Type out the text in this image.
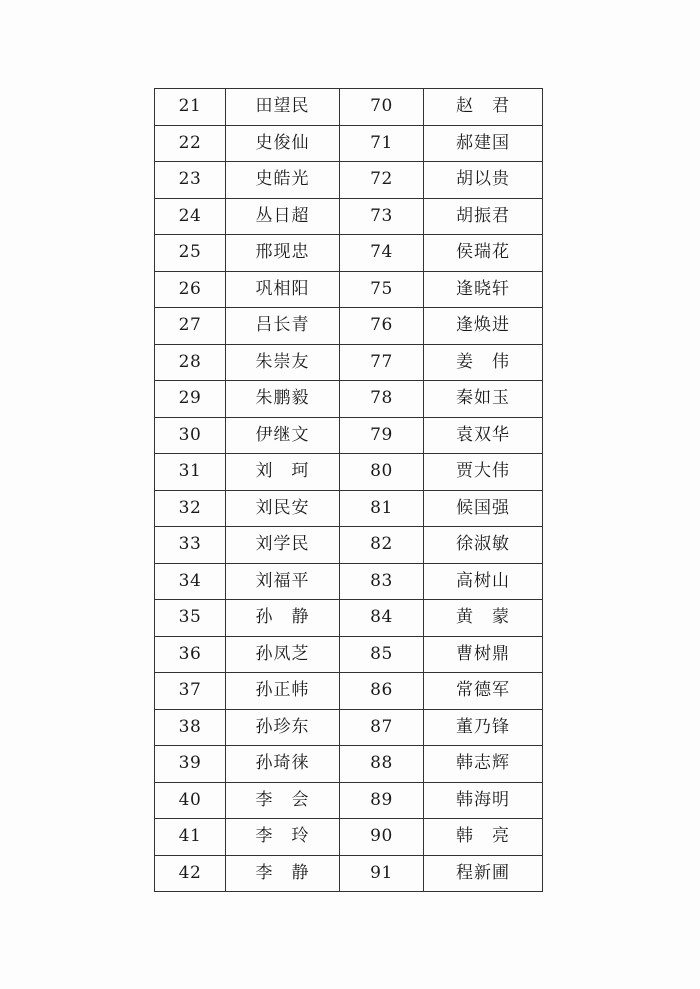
21	田望民	70	赵　君
22	史俊仙	71	郝建国
23	史皓光	72	胡以贵
24	丛日超	73	胡振君
25	邢现忠	74	侯瑞花
26	巩相阳	75	逢晓轩
27	吕长青	76	逢焕进
28	朱崇友	77	姜　伟
29	朱鹏毅	78	秦如玉
30	伊继文	79	袁双华
31	刘　珂	80	贾大伟
32	刘民安	81	候国强
33	刘学民	82	徐淑敏
34	刘福平	83	高树山
35	孙　静	84	黄　蒙
36	孙凤芝	85	曹树鼎
37	孙正帏	86	常德军
38	孙珍东	87	董乃锋
39	孙琦徕	88	韩志辉
40	李　会	89	韩海明
41	李　玲	90	韩　亮
42	李　静	91	程新圃
